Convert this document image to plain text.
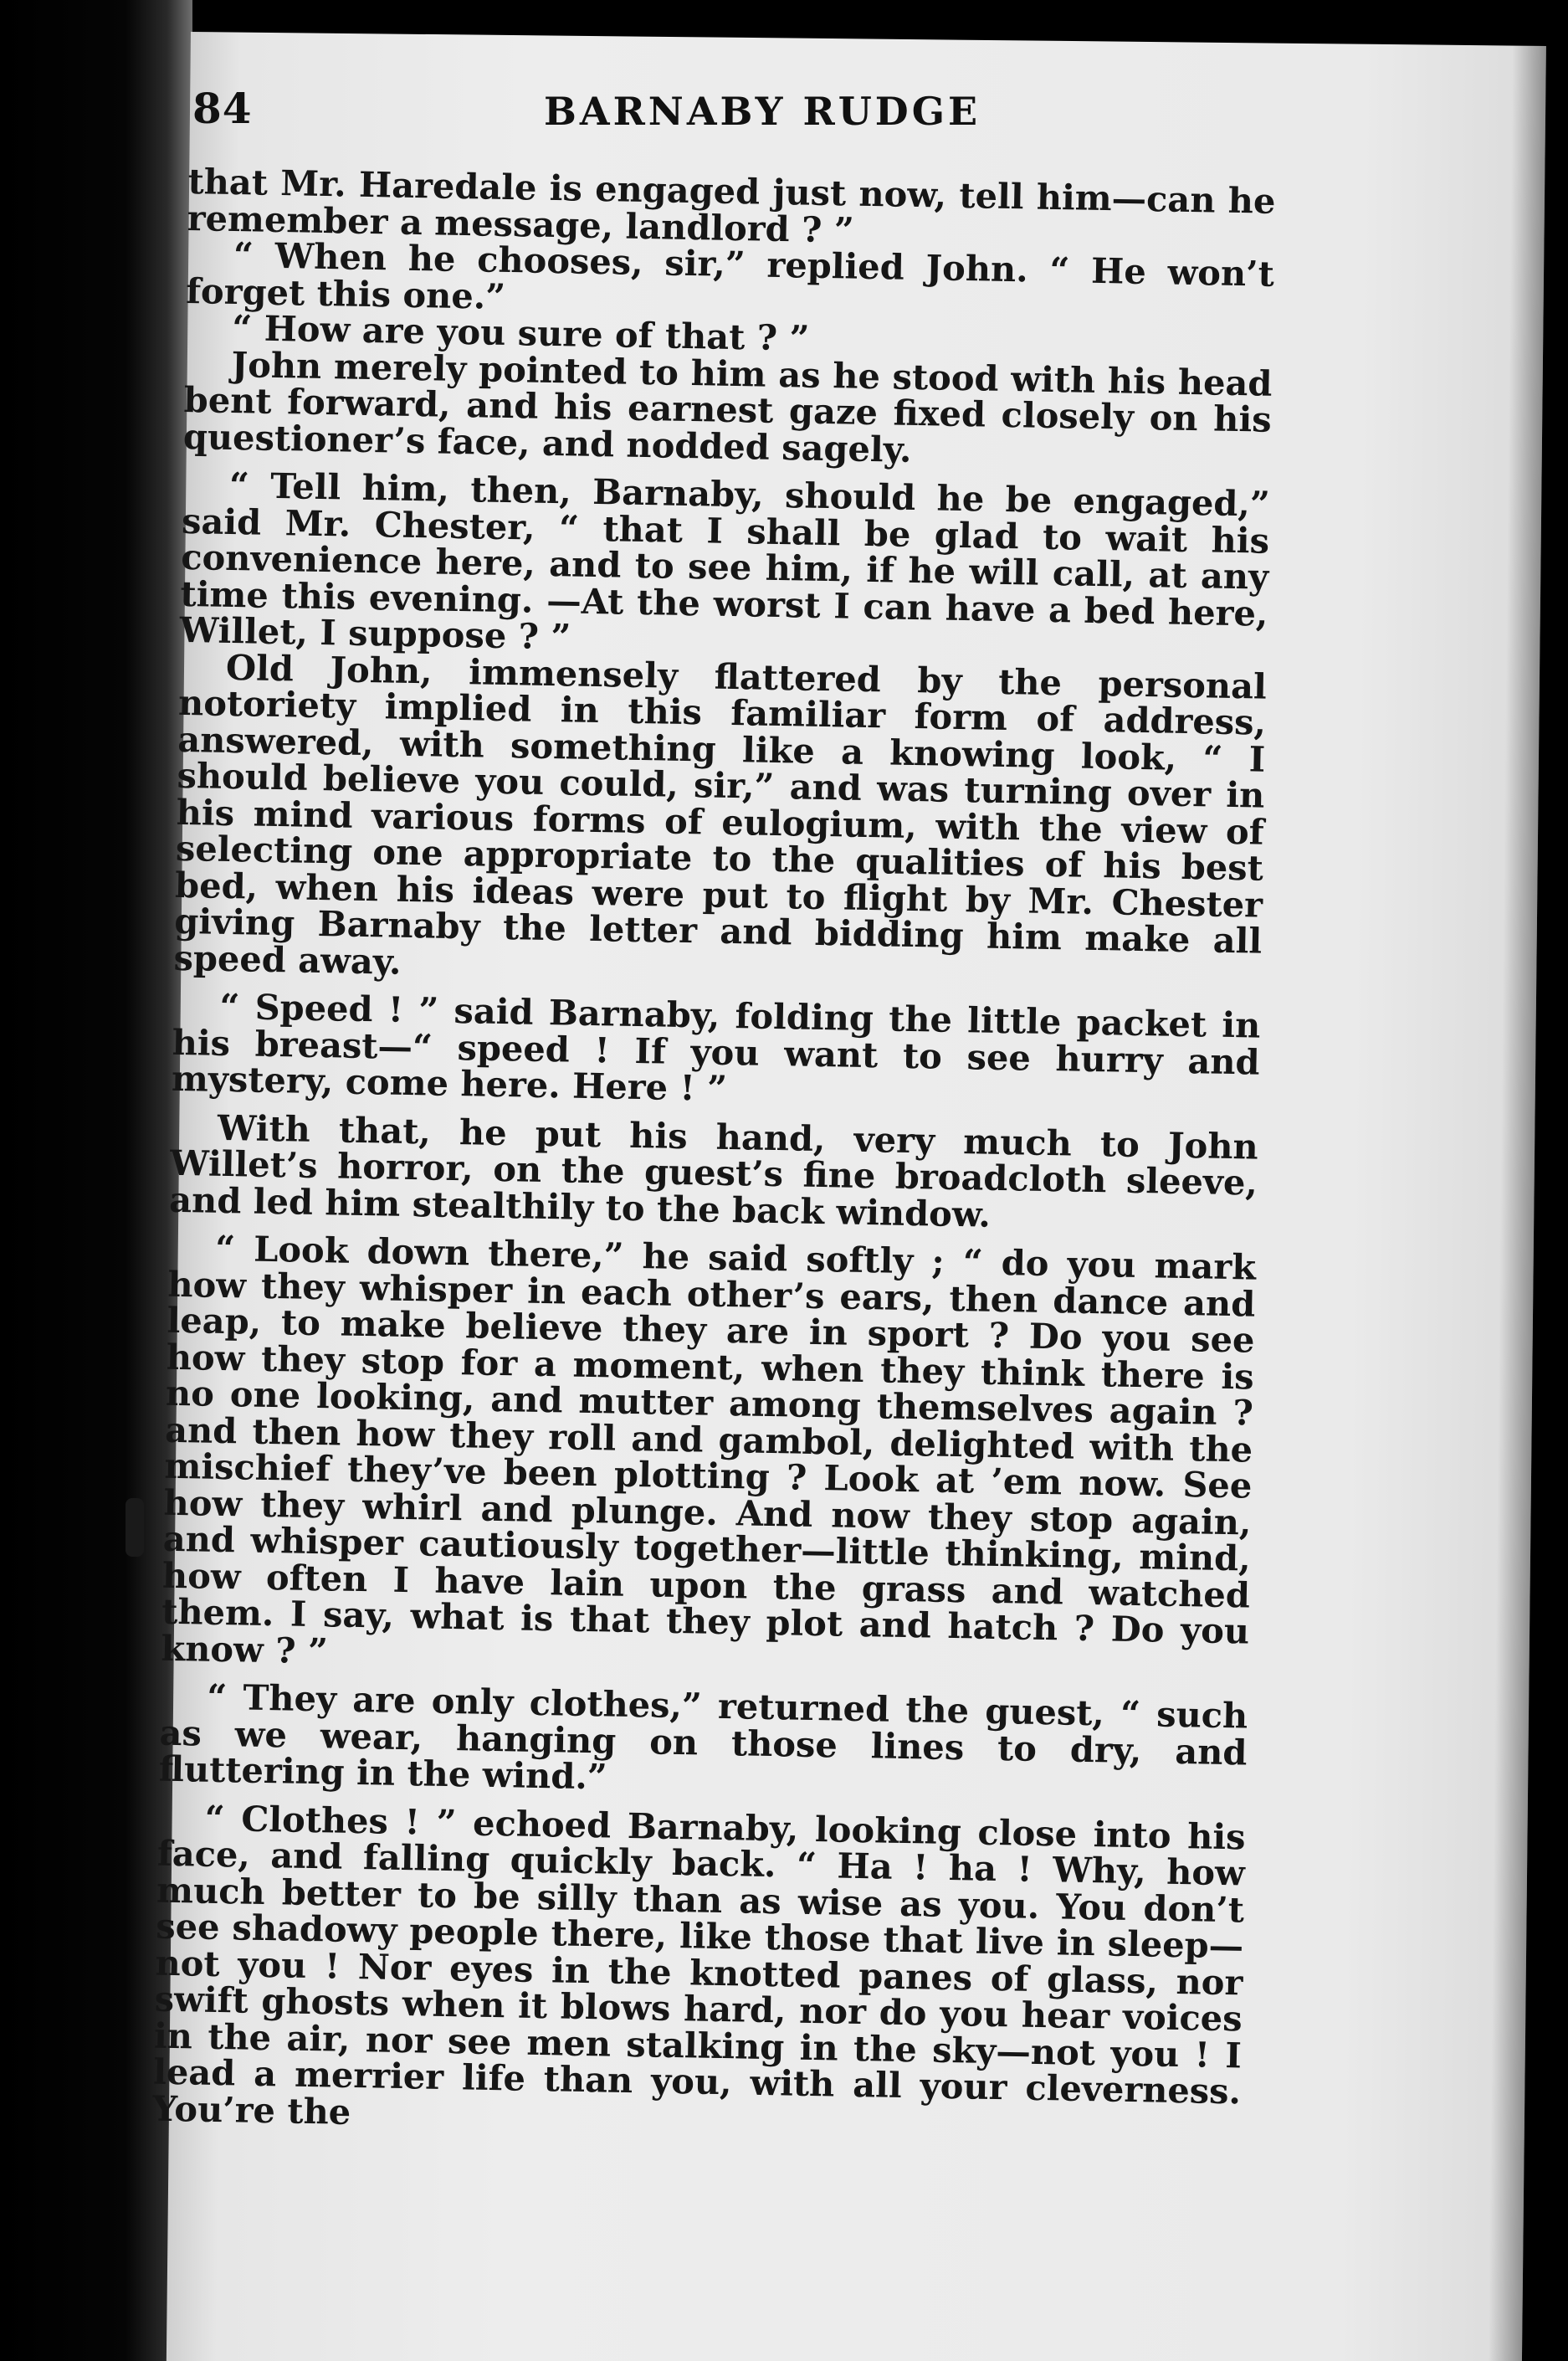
84	BARNABY RUDGE

that Mr. Haredale is engaged just now, tell him—can he remember a message, landlord ? ”

“ When he chooses, sir,” replied John. “ He won’t forget this one.”

“ How are you sure of that ? ”

John merely pointed to him as he stood with his head bent forward, and his earnest gaze fixed closely on his questioner’s face, and nodded sagely.

“ Tell him, then, Barnaby, should he be engaged,” said Mr. Chester, “ that I shall be glad to wait his convenience here, and to see him, if he will call, at any time this evening. —At the worst I can have a bed here, Willet, I suppose ? ”

Old John, immensely flattered by the personal notoriety implied in this familiar form of address, answered, with something like a knowing look, “ I should believe you could, sir,” and was turning over in his mind various forms of eulogium, with the view of selecting one appropriate to the qualities of his best bed, when his ideas were put to flight by Mr. Chester giving Barnaby the letter and bidding him make all speed away.

“ Speed ! ” said Barnaby, folding the little packet in his breast—“ speed ! If you want to see hurry and mystery, come here. Here ! ”

With that, he put his hand, very much to John Willet’s horror, on the guest’s fine broadcloth sleeve, and led him stealthily to the back window.

“ Look down there,” he said softly ; “ do you mark how they whisper in each other’s ears, then dance and leap, to make believe they are in sport ? Do you see how they stop for a moment, when they think there is no one looking, and mutter among themselves again ? and then how they roll and gambol, delighted with the mischief they’ve been plotting ? Look at ’em now. See how they whirl and plunge. And now they stop again, and whisper cautiously together—little thinking, mind, how often I have lain upon the grass and watched them. I say, what is that they plot and hatch ? Do you know ? ”

“ They are only clothes,” returned the guest, “ such as we wear, hanging on those lines to dry, and fluttering in the wind.”

“ Clothes ! ” echoed Barnaby, looking close into his face, and falling quickly back. “ Ha ! ha ! Why, how much better to be silly than as wise as you. You don’t see shadowy people there, like those that live in sleep—not you ! Nor eyes in the knotted panes of glass, nor swift ghosts when it blows hard, nor do you hear voices in the air, nor see men stalking in the sky—not you ! I lead a merrier life than you, with all your cleverness. You’re the
